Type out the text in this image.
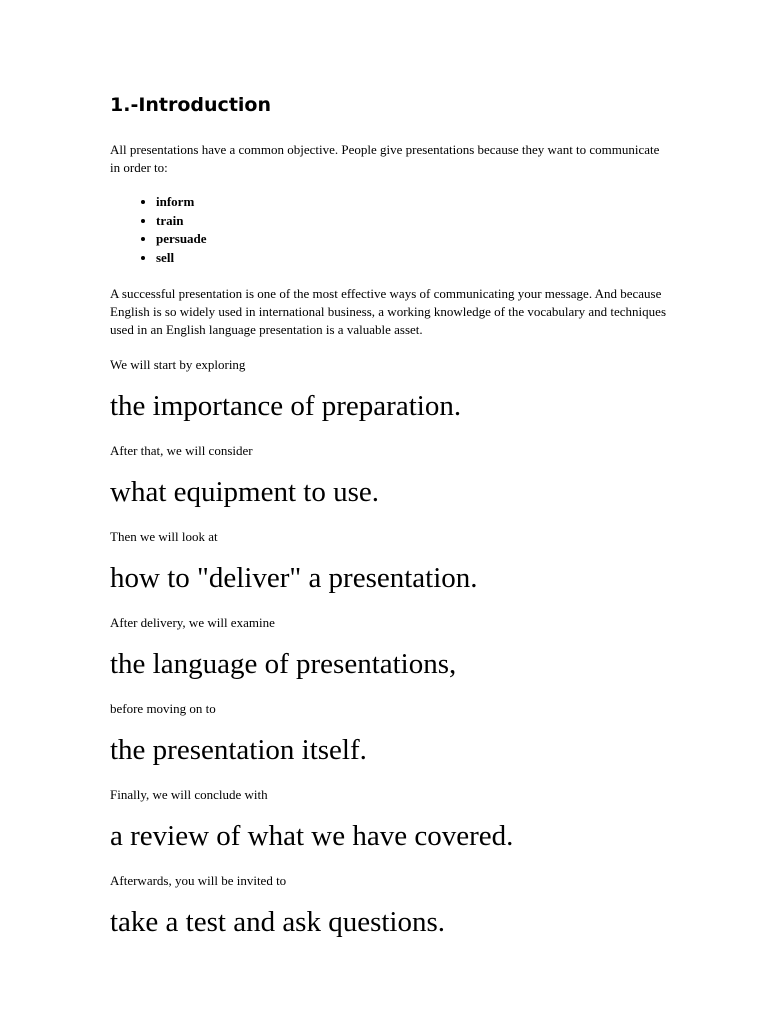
1.-Introduction

All presentations have a common objective. People give presentations because they want to communicate in order to:

• inform
• train
• persuade
• sell

A successful presentation is one of the most effective ways of communicating your message. And because English is so widely used in international business, a working knowledge of the vocabulary and techniques used in an English language presentation is a valuable asset.

We will start by exploring

the importance of preparation.

After that, we will consider

what equipment to use.

Then we will look at

how to "deliver" a presentation.

After delivery, we will examine

the language of presentations,

before moving on to

the presentation itself.

Finally, we will conclude with

a review of what we have covered.

Afterwards, you will be invited to

take a test and ask questions.
